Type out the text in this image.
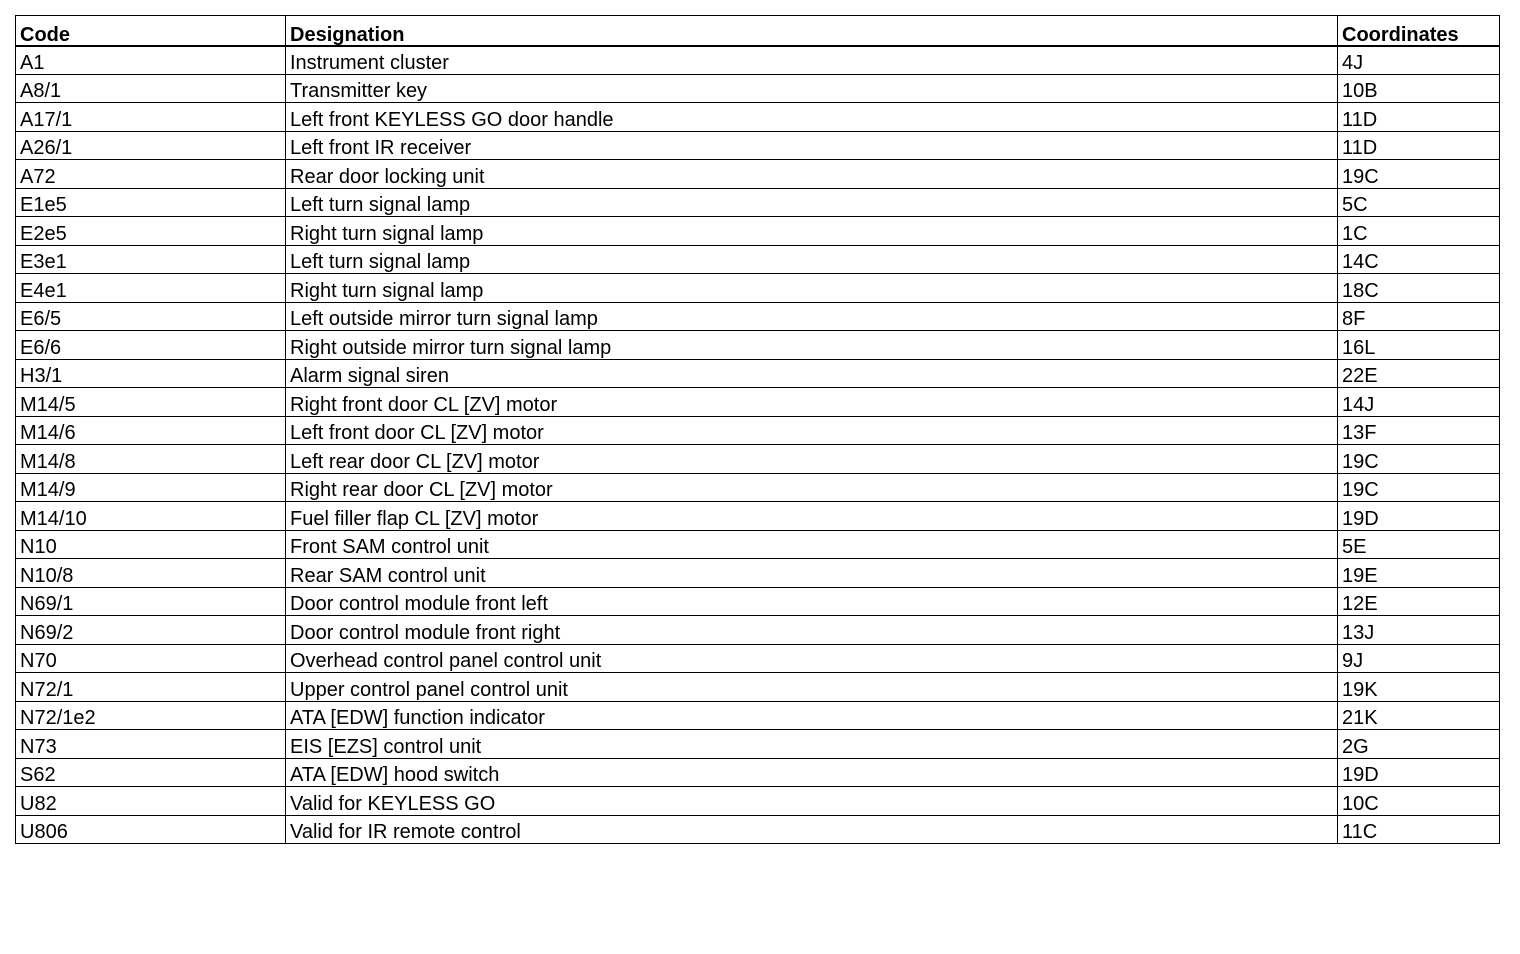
Code	Designation	Coordinates
A1	Instrument cluster	4J
A8/1	Transmitter key	10B
A17/1	Left front KEYLESS GO door handle	11D
A26/1	Left front IR receiver	11D
A72	Rear door locking unit	19C
E1e5	Left turn signal lamp	5C
E2e5	Right turn signal lamp	1C
E3e1	Left turn signal lamp	14C
E4e1	Right turn signal lamp	18C
E6/5	Left outside mirror turn signal lamp	8F
E6/6	Right outside mirror turn signal lamp	16L
H3/1	Alarm signal siren	22E
M14/5	Right front door CL [ZV] motor	14J
M14/6	Left front door CL [ZV] motor	13F
M14/8	Left rear door CL [ZV] motor	19C
M14/9	Right rear door CL [ZV] motor	19C
M14/10	Fuel filler flap CL [ZV] motor	19D
N10	Front SAM control unit	5E
N10/8	Rear SAM control unit	19E
N69/1	Door control module front left	12E
N69/2	Door control module front right	13J
N70	Overhead control panel control unit	9J
N72/1	Upper control panel control unit	19K
N72/1e2	ATA [EDW] function indicator	21K
N73	EIS [EZS] control unit	2G
S62	ATA [EDW] hood switch	19D
U82	Valid for KEYLESS GO	10C
U806	Valid for IR remote control	11C
